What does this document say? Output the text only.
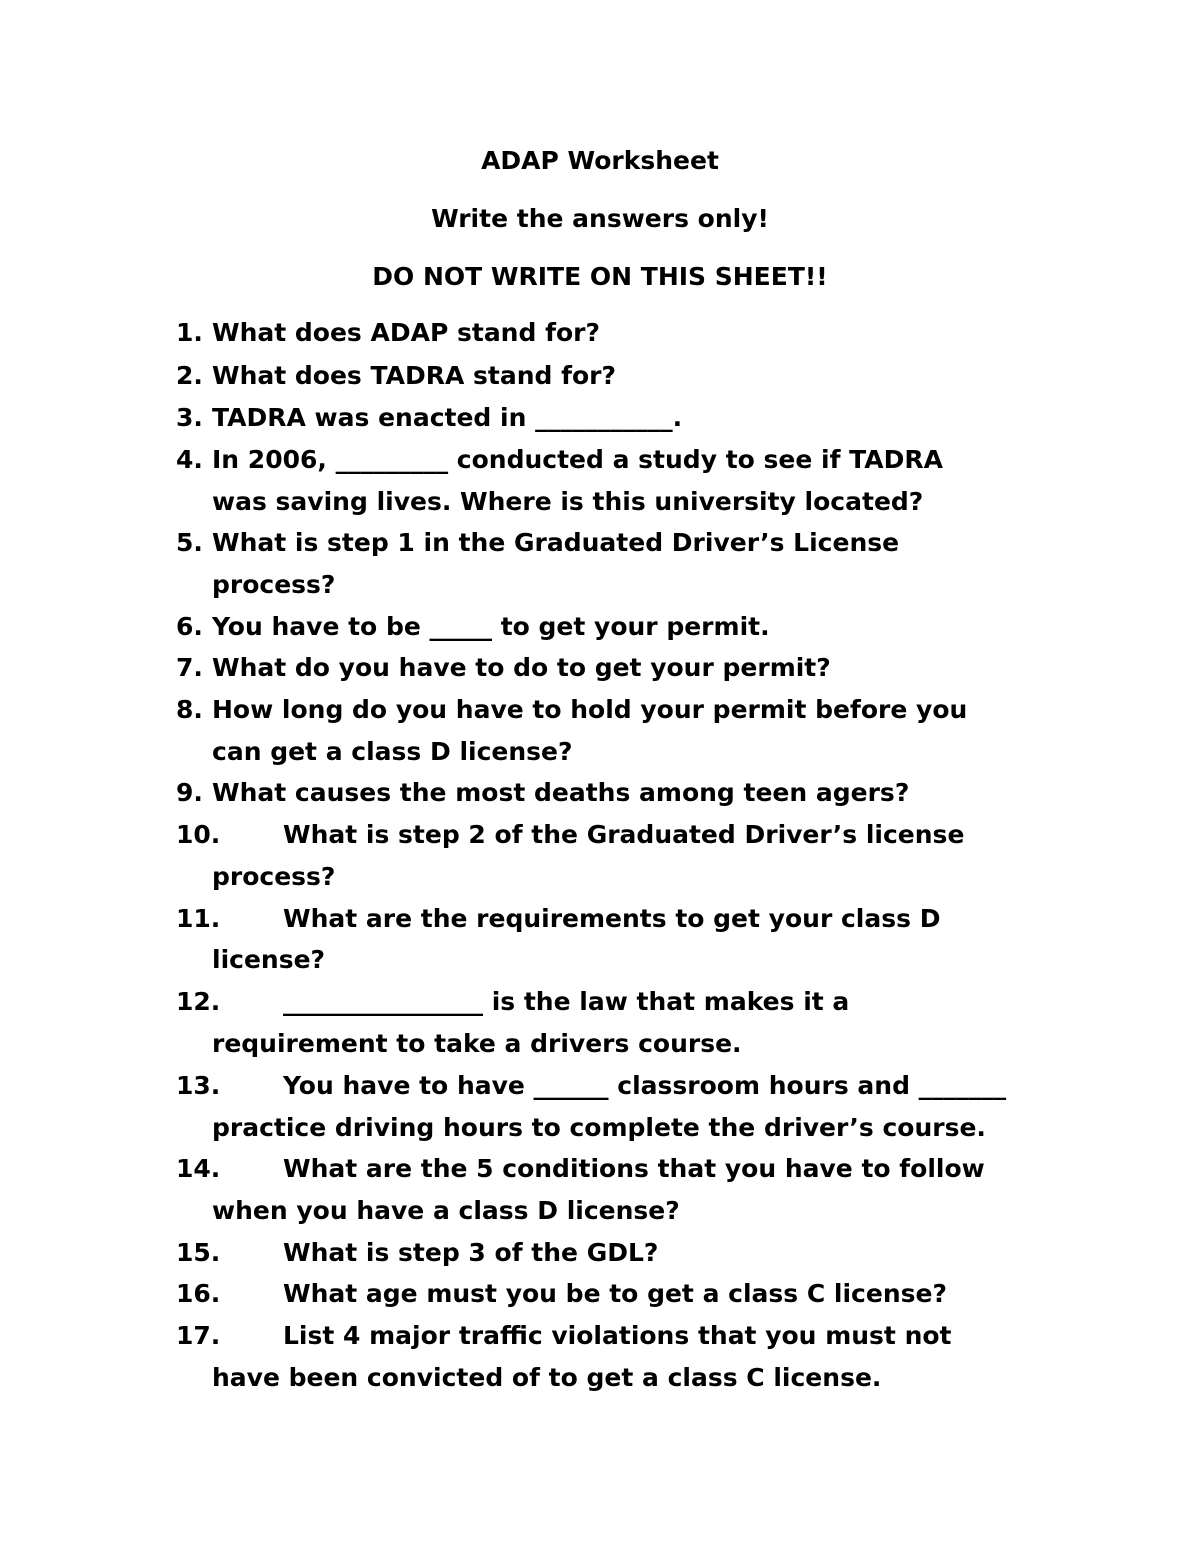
ADAP Worksheet
Write the answers only!
DO NOT WRITE ON THIS SHEET!!
1. What does ADAP stand for?
2. What does TADRA stand for?
3. TADRA was enacted in ___________.
4. In 2006, _________ conducted a study to see if TADRA
was saving lives. Where is this university located?
5. What is step 1 in the Graduated Driver’s License
process?
6. You have to be _____ to get your permit.
7. What do you have to do to get your permit?
8. How long do you have to hold your permit before you
can get a class D license?
9. What causes the most deaths among teen agers?
10.	What is step 2 of the Graduated Driver’s license
process?
11.	What are the requirements to get your class D
license?
12.	________________ is the law that makes it a
requirement to take a drivers course.
13.	You have to have ______ classroom hours and _______
practice driving hours to complete the driver’s course.
14.	What are the 5 conditions that you have to follow
when you have a class D license?
15.	What is step 3 of the GDL?
16.	What age must you be to get a class C license?
17.	List 4 major traffic violations that you must not
have been convicted of to get a class C license.
